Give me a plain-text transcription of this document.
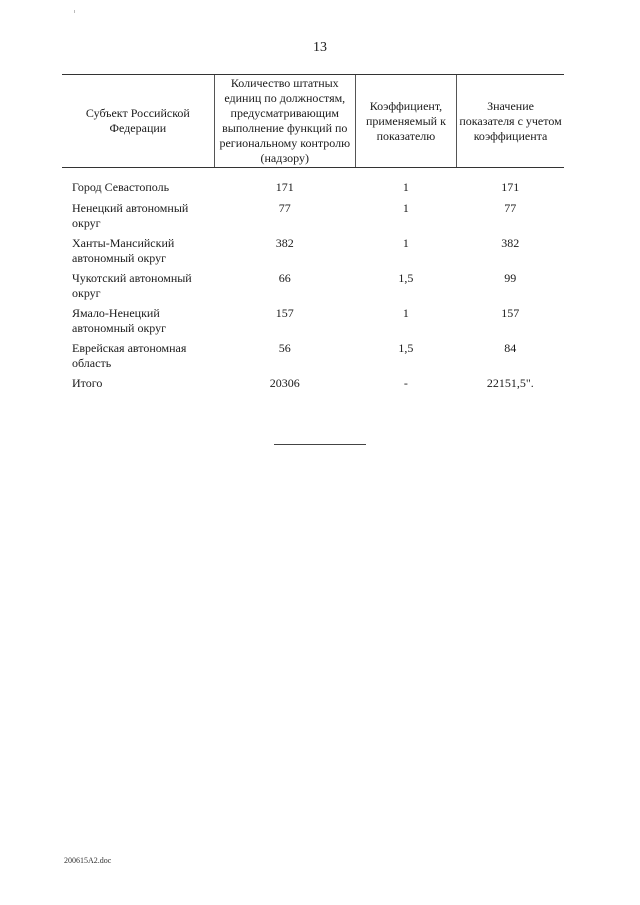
13
Субъект Российской Федерации	Количество штатных единиц по должностям, предусматривающим выполнение функций по региональному контролю (надзору)	Коэффициент, применяемый к показателю	Значение показателя с учетом коэффициента

Город Севастополь	171	1	171
Ненецкий автономный округ	77	1	77
Ханты-Мансийский автономный округ	382	1	382
Чукотский автономный округ	66	1,5	99
Ямало-Ненецкий автономный округ	157	1	157
Еврейская автономная область	56	1,5	84
Итого	20306	-	22151,5".
200615A2.doc
